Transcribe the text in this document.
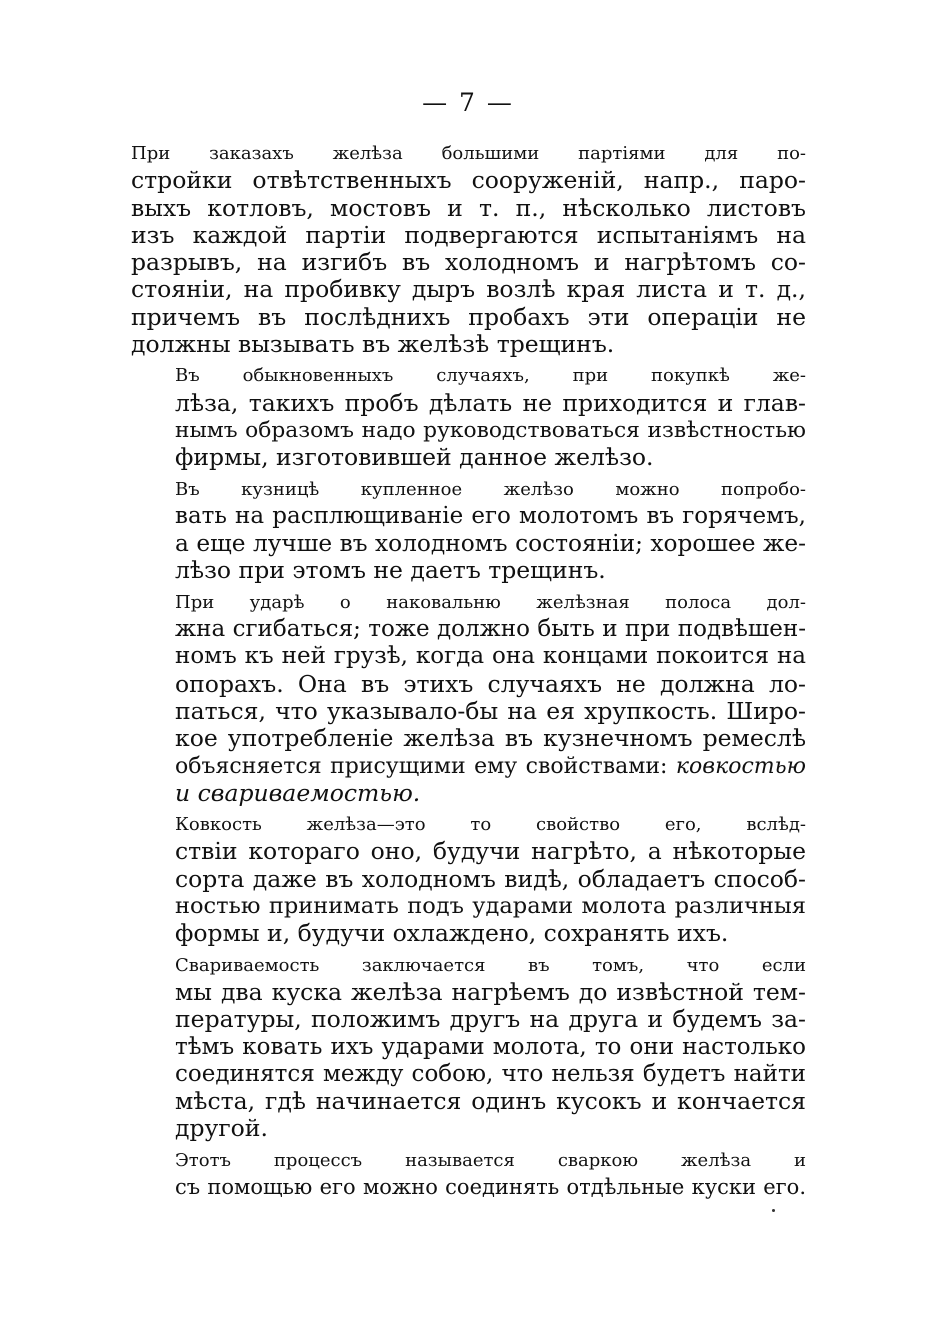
— 7 —

При заказахъ желѣза большими партіями для по-
стройки отвѣтственныхъ сооруженій, напр., паро-
выхъ котловъ, мостовъ и т. п., нѣсколько листовъ
изъ каждой партіи подвергаются испытаніямъ на
разрывъ, на изгибъ въ холодномъ и нагрѣтомъ со-
стояніи, на пробивку дыръ возлѣ края листа и т. д.,
причемъ въ послѣднихъ пробахъ эти операціи не
должны вызывать въ желѣзѣ трещинъ.

Въ обыкновенныхъ случаяхъ, при покупкѣ же-
лѣза, такихъ пробъ дѣлать не приходится и глав-
нымъ образомъ надо руководствоваться извѣстностью
фирмы, изготовившей данное желѣзо.

Въ кузницѣ купленное желѣзо можно попробо-
вать на расплющиваніе его молотомъ въ горячемъ,
а еще лучше въ холодномъ состояніи; хорошее же-
лѣзо при этомъ не даетъ трещинъ.

При ударѣ о наковальню желѣзная полоса дол-
жна сгибаться; тоже должно быть и при подвѣшен-
номъ къ ней грузѣ, когда она концами покоится на
опорахъ. Она въ этихъ случаяхъ не должна ло-
паться, что указывало-бы на ея хрупкость. Широ-
кое употребленіе желѣза въ кузнечномъ ремеслѣ
объясняется присущими ему свойствами: ковкостью
и свариваемостью.

Ковкость желѣза—это то свойство его, вслѣд-
ствіи котораго оно, будучи нагрѣто, а нѣкоторые
сорта даже въ холодномъ видѣ, обладаетъ способ-
ностью принимать подъ ударами молота различныя
формы и, будучи охлаждено, сохранять ихъ.

Свариваемость заключается въ томъ, что если
мы два куска желѣза нагрѣемъ до извѣстной тем-
пературы, положимъ другъ на друга и будемъ за-
тѣмъ ковать ихъ ударами молота, то они настолько
соединятся между собою, что нельзя будетъ найти
мѣста, гдѣ начинается одинъ кусокъ и кончается
другой.

Этотъ процессъ называется сваркою желѣза и
съ помощью его можно соединять отдѣльные куски его.
